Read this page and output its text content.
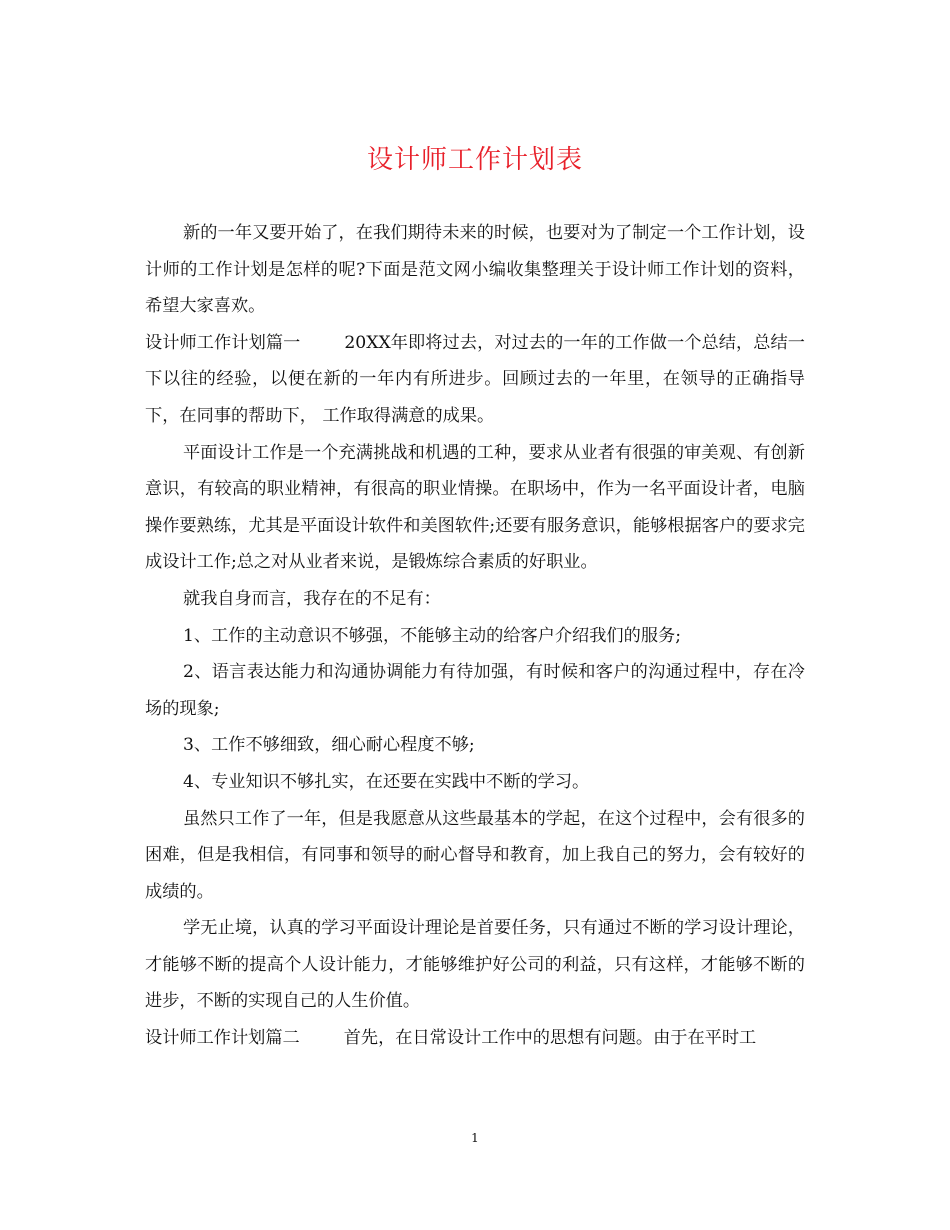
设计师工作计划表

新的一年又要开始了，在我们期待未来的时候，也要对为了制定一个工作计划，设计师的工作计划是怎样的呢?下面是范文网小编收集整理关于设计师工作计划的资料，希望大家喜欢。

设计师工作计划篇一	20XX年即将过去，对过去的一年的工作做一个总结，总结一下以往的经验，以便在新的一年内有所进步。回顾过去的一年里，在领导的正确指导下，在同事的帮助下， 工作取得满意的成果。

平面设计工作是一个充满挑战和机遇的工种，要求从业者有很强的审美观、有创新意识，有较高的职业精神，有很高的职业情操。在职场中，作为一名平面设计者，电脑操作要熟练，尤其是平面设计软件和美图软件;还要有服务意识，能够根据客户的要求完成设计工作;总之对从业者来说，是锻炼综合素质的好职业。

就我自身而言，我存在的不足有：

1、工作的主动意识不够强，不能够主动的给客户介绍我们的服务;

2、语言表达能力和沟通协调能力有待加强，有时候和客户的沟通过程中，存在冷场的现象;

3、工作不够细致，细心耐心程度不够;

4、专业知识不够扎实，在还要在实践中不断的学习。

虽然只工作了一年，但是我愿意从这些最基本的学起，在这个过程中，会有很多的困难，但是我相信，有同事和领导的耐心督导和教育，加上我自己的努力，会有较好的成绩的。

学无止境，认真的学习平面设计理论是首要任务，只有通过不断的学习设计理论，才能够不断的提高个人设计能力，才能够维护好公司的利益，只有这样，才能够不断的进步，不断的实现自己的人生价值。

设计师工作计划篇二	首先，在日常设计工作中的思想有问题。由于在平时工

1
